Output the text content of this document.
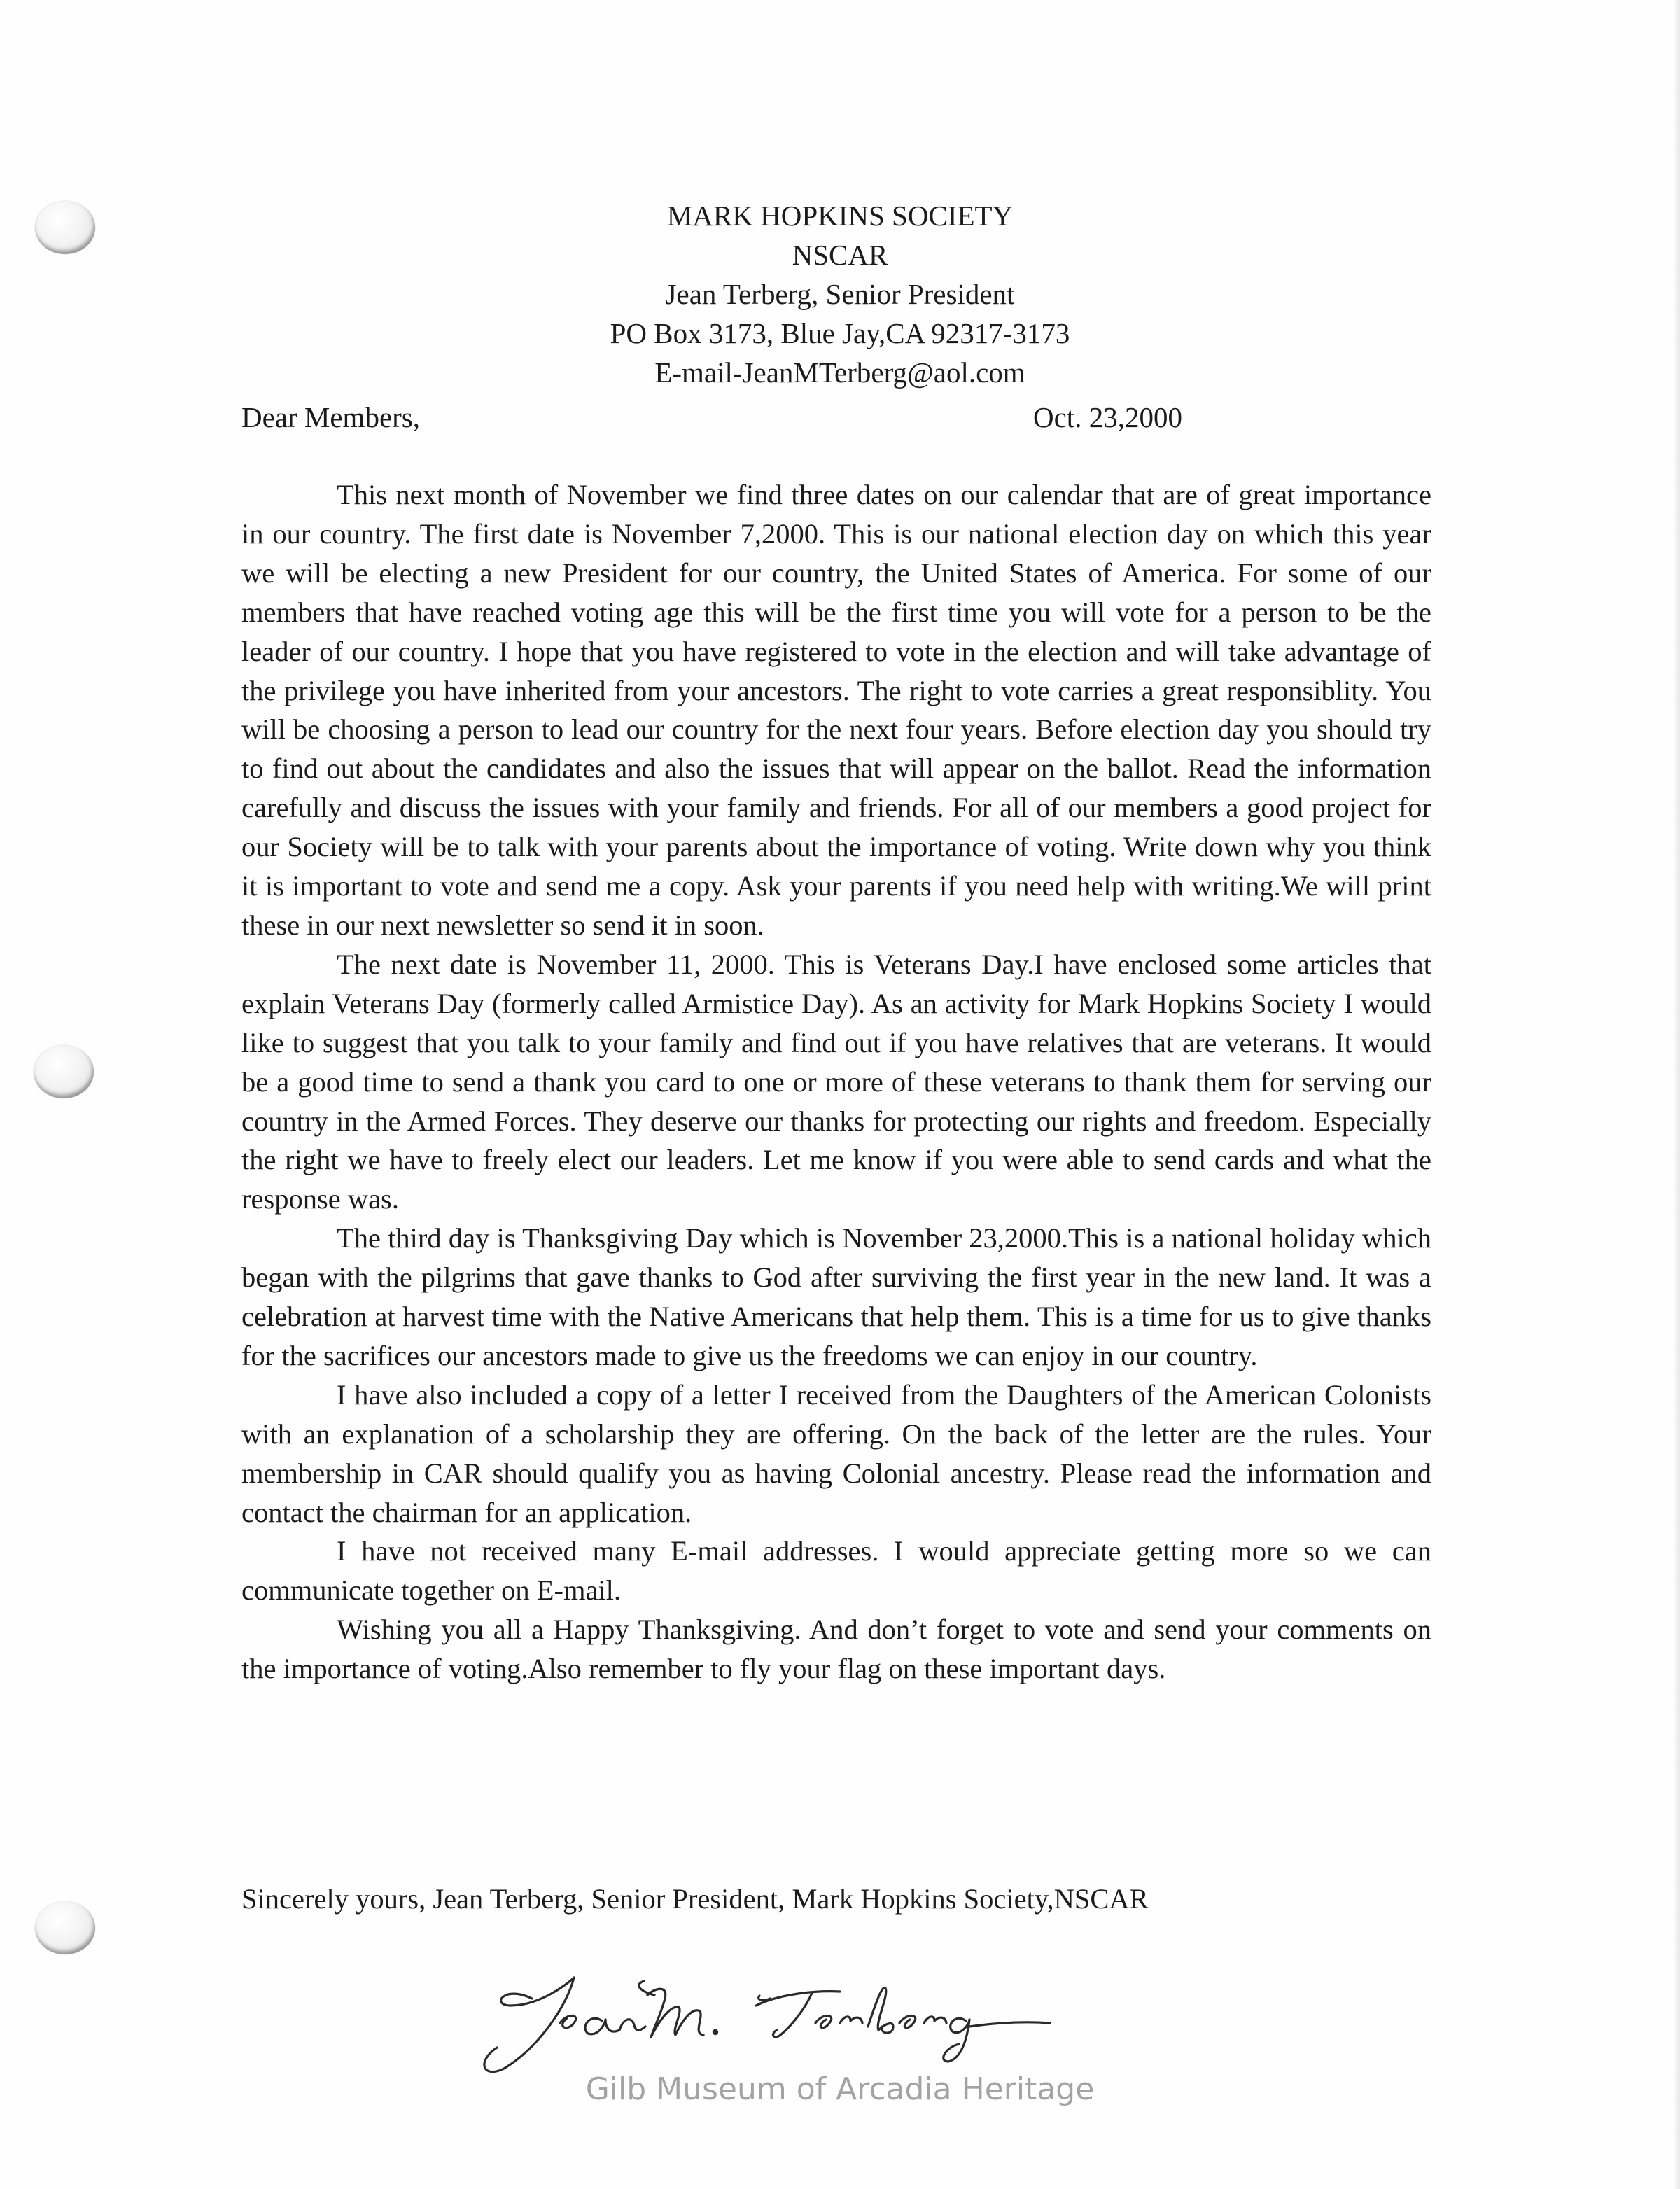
MARK HOPKINS SOCIETY
NSCAR
Jean Terberg, Senior President
PO Box 3173, Blue Jay,CA 92317-3173
E-mail-JeanMTerberg@aol.com
Dear Members,	Oct. 23,2000

This next month of November we find three dates on our calendar that are of great importance in our country. The first date is November 7,2000. This is our national election day on which this year we will be electing a new President for our country, the United States of America. For some of our members that have reached voting age this will be the first time you will vote for a person to be the leader of our country. I hope that you have registered to vote in the election and will take advantage of the privilege you have inherited from your ancestors. The right to vote carries a great responsiblity. You will be choosing a person to lead our country for the next four years. Before election day you should try to find out about the candidates and also the issues that will appear on the ballot. Read the information carefully and discuss the issues with your family and friends. For all of our members a good project for our Society will be to talk with your parents about the importance of voting. Write down why you think it is important to vote and send me a copy. Ask your parents if you need help with writing.We will print these in our next newsletter so send it in soon.

The next date is November 11, 2000. This is Veterans Day.I have enclosed some articles that explain Veterans Day (formerly called Armistice Day). As an activity for Mark Hopkins Society I would like to suggest that you talk to your family and find out if you have relatives that are veterans. It would be a good time to send a thank you card to one or more of these veterans to thank them for serving our country in the Armed Forces. They deserve our thanks for protecting our rights and freedom. Especially the right we have to freely elect our leaders. Let me know if you were able to send cards and what the response was.

The third day is Thanksgiving Day which is November 23,2000.This is a national holiday which began with the pilgrims that gave thanks to God after surviving the first year in the new land. It was a celebration at harvest time with the Native Americans that help them. This is a time for us to give thanks for the sacrifices our ancestors made to give us the freedoms we can enjoy in our country.

I have also included a copy of a letter I received from the Daughters of the American Colonists with an explanation of a scholarship they are offering. On the back of the letter are the rules. Your membership in CAR should qualify you as having Colonial ancestry. Please read the information and contact the chairman for an application.

I have not received many E-mail addresses. I would appreciate getting more so we can communicate together on E-mail.

Wishing you all a Happy Thanksgiving. And don’t forget to vote and send your comments on the importance of voting.Also remember to fly your flag on these important days.

Sincerely yours, Jean Terberg, Senior President, Mark Hopkins Society,NSCAR
Gilb Museum of Arcadia Heritage
